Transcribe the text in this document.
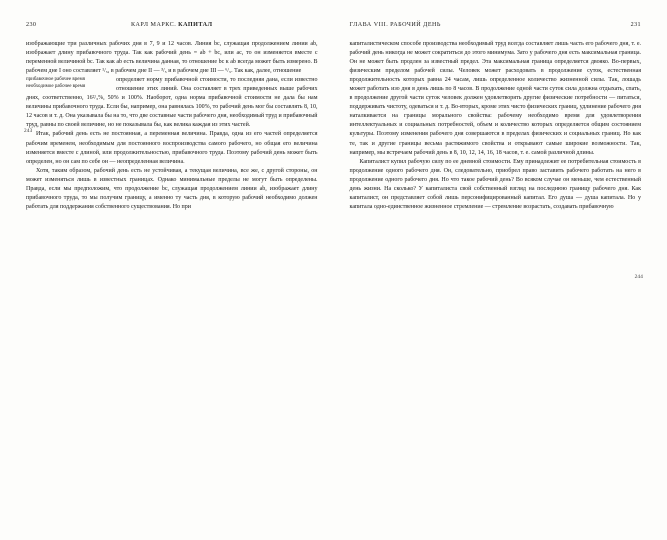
230	КАРЛ МАРКС. КАПИТАЛ
243

изображающие три различных рабочих дня в 7, 9 и 12 часов. Линия bc, служащая продолжением линии ab, изображает длину прибавочного труда. Так как рабочий день = ab + bc, или ac, то он изменяется вместе с переменной величиной bc. Так как ab есть величина данная, то отношение bc к ab всегда может быть измерено. В рабочем дне I оно составляет ¹/₅, в рабочем дне II — ³/₅ и в рабочем дне III — ⁶/₅. Так как, далее, отношение

прибавочное рабочее время
необходимое рабочее время
определяет норму прибавочной стоимости, то последняя дана, если известно отношение этих линий. Она составляет в трех приведенных выше рабочих днях, соответственно, 16²/₃%, 50% и 100%. Наоборот, одна норма прибавочной стоимости не дала бы нам величины прибавочного труда. Если бы, например, она равнялась 100%, то рабочий день мог бы составлять 8, 10, 12 часов и т. д. Она указывала бы на то, что две составные части рабочего дня, необходимый труд и прибавочный труд, равны по своей величине, но не показывала бы, как велика каждая из этих частей.

Итак, рабочий день есть не постоянная, а переменная величина. Правда, одна из его частей определяется рабочим временем, необходимым для постоянного воспроизводства самого рабочего, но общая его величина изменяется вместе с длиной, или продолжительностью, прибавочного труда. Поэтому рабочий день может быть определен, но он сам по себе он — неопределенная величина.

Хотя, таким образом, рабочий день есть не устойчивая, а текущая величина, все же, с другой стороны, он может изменяться лишь в известных границах. Однако минимальные пределы не могут быть определены. Правда, если мы предположим, что продолжение bc, служащая продолжением линии ab, изображает длину прибавочного труда, то мы получим границу, а именно ту часть дня, в которую рабочий необходимо должен работать для поддержания собственного существования. Но при

ГЛАВА VIII. РАБОЧИЙ ДЕНЬ	231
244

капиталистическом способе производства необходимый труд всегда составляет лишь часть его рабочего дня, т. е. рабочий день никогда не может сократиться до этого минимума. Зато у рабочего дня есть максимальная граница. Он не может быть продлен за известный предел. Эта максимальная граница определяется двояко. Во-первых, физическим пределом рабочей силы. Человек может расходовать в продолжение суток, естественная продолжительность которых равна 24 часам, лишь определенное количество жизненной силы. Так, лошадь может работать изо дня в день лишь по 8 часов. В продолжение одной части суток сила должна отдыхать, спать, в продолжение другой части суток человек должен удовлетворять другие физические потребности — питаться, поддерживать чистоту, одеваться и т. д. Во-вторых, кроме этих чисто физических границ, удлинение рабочего дня наталкивается на границы морального свойства: рабочему необходимо время для удовлетворения интеллектуальных и социальных потребностей, объем и количество которых определяется общим состоянием культуры. Поэтому изменения рабочего дня совершаются в пределах физических и социальных границ. Но как те, так и другие границы весьма растяжимого свойства и открывают самые широкие возможности. Так, например, мы встречаем рабочий день в 8, 10, 12, 14, 16, 18 часов, т. е. самой различной длины.

Капиталист купил рабочую силу по ее дневной стоимости. Ему принадлежит ее потребительная стоимость в продолжение одного рабочего дня. Он, следовательно, приобрел право заставить рабочего работать на него в продолжение одного рабочего дня. Но что такое рабочий день? Во всяком случае он меньше, чем естественный день жизни. На сколько? У капиталиста свой собственный взгляд на последнюю границу рабочего дня. Как капиталист, он представляет собой лишь персонифицированный капитал. Его душа — душа капитала. Но у капитала одно-единственное жизненное стремление — стремление возрастать, создавать прибавочную
